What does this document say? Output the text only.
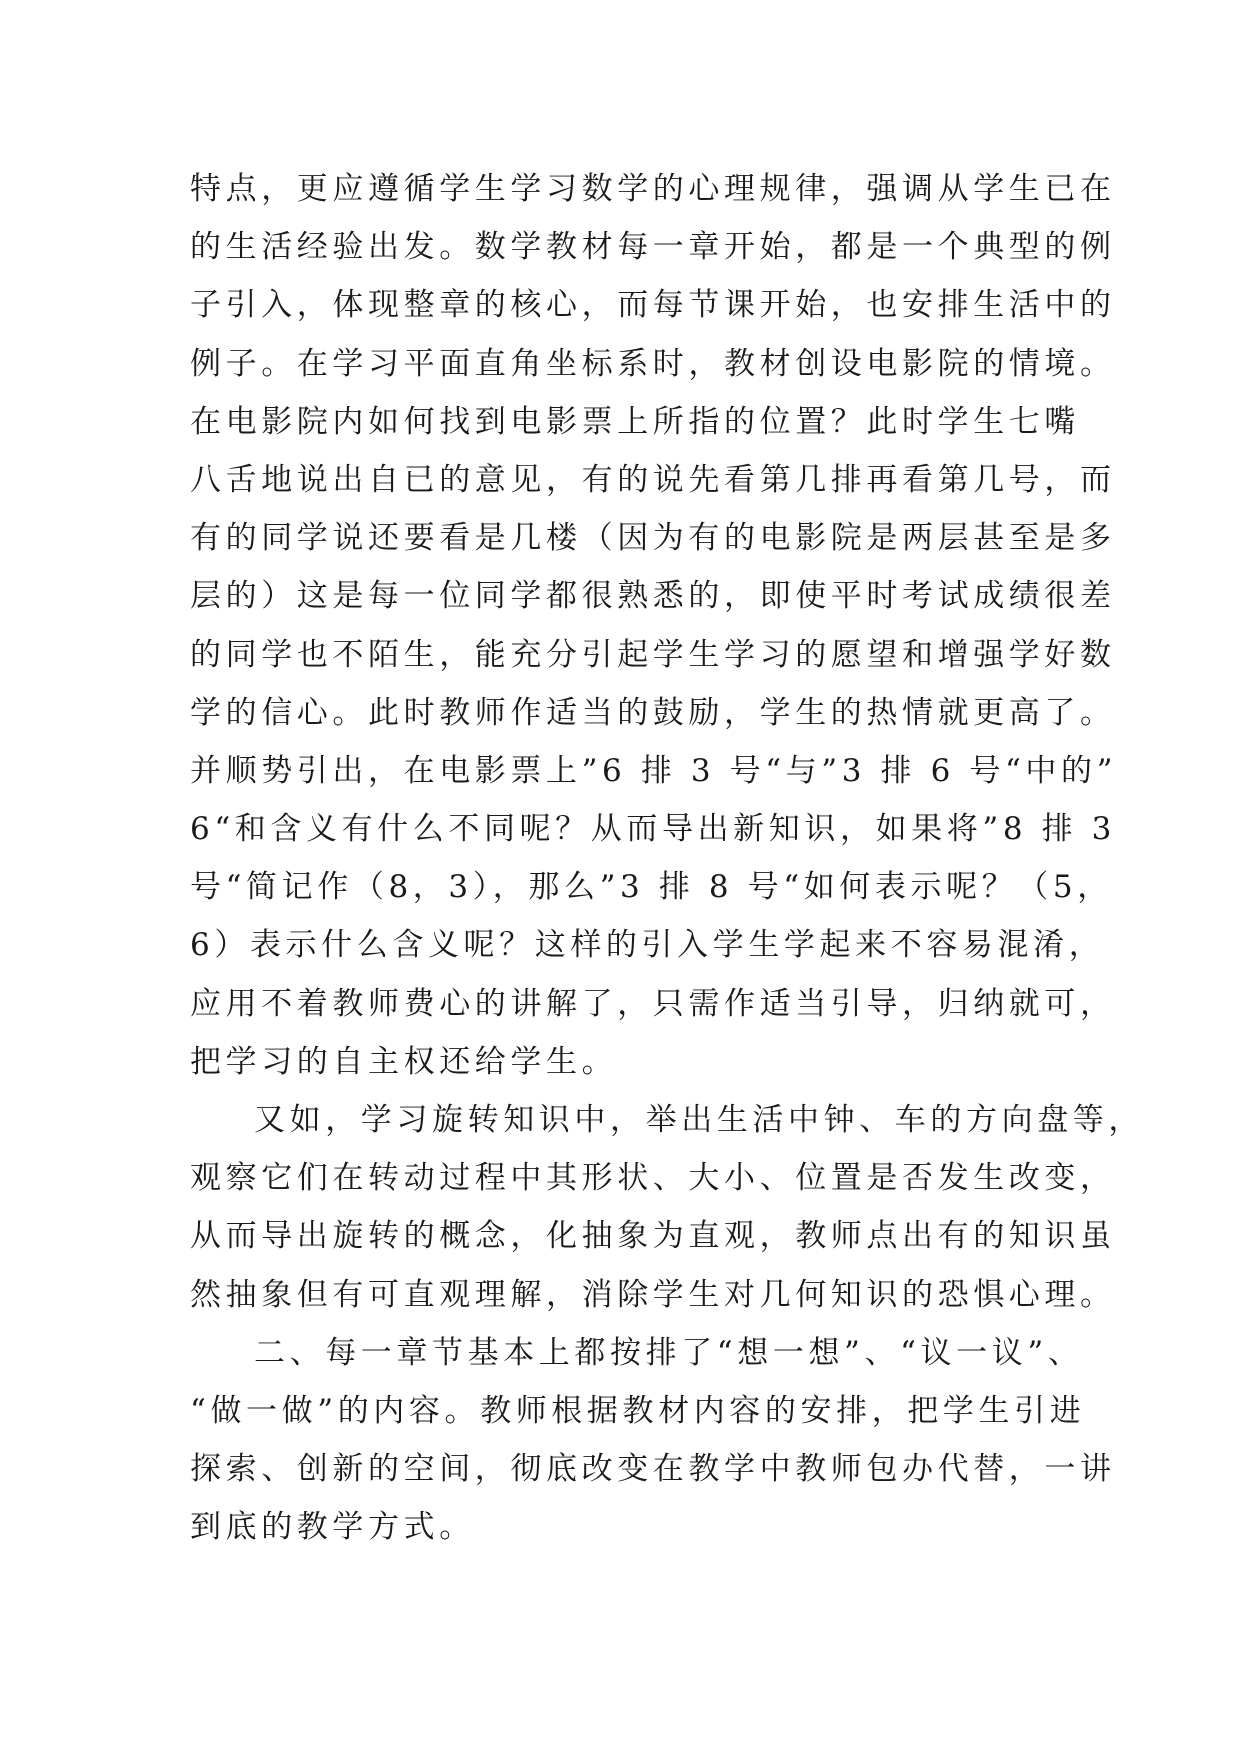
特点，更应遵循学生学习数学的心理规律，强调从学生已在
的生活经验出发。数学教材每一章开始，都是一个典型的例
子引入，体现整章的核心，而每节课开始，也安排生活中的
例子。在学习平面直角坐标系时，教材创设电影院的情境。
在电影院内如何找到电影票上所指的位置？此时学生七嘴
八舌地说出自已的意见，有的说先看第几排再看第几号，而
有的同学说还要看是几楼（因为有的电影院是两层甚至是多
层的）这是每一位同学都很熟悉的，即使平时考试成绩很差
的同学也不陌生，能充分引起学生学习的愿望和增强学好数
学的信心。此时教师作适当的鼓励，学生的热情就更高了。
并顺势引出，在电影票上”6 排 3 号“与”3 排 6 号“中的”
6“和含义有什么不同呢？从而导出新知识，如果将”8 排 3
号“简记作（8，3），那么”3 排 8 号“如何表示呢？（5，
6）表示什么含义呢？这样的引入学生学起来不容易混淆，
应用不着教师费心的讲解了，只需作适当引导，归纳就可，
把学习的自主权还给学生。
又如，学习旋转知识中，举出生活中钟、车的方向盘等，
观察它们在转动过程中其形状、大小、位置是否发生改变，
从而导出旋转的概念，化抽象为直观，教师点出有的知识虽
然抽象但有可直观理解，消除学生对几何知识的恐惧心理。
二、每一章节基本上都按排了“想一想”、“议一议”、
“做一做”的内容。教师根据教材内容的安排，把学生引进
探索、创新的空间，彻底改变在教学中教师包办代替，一讲
到底的教学方式。
